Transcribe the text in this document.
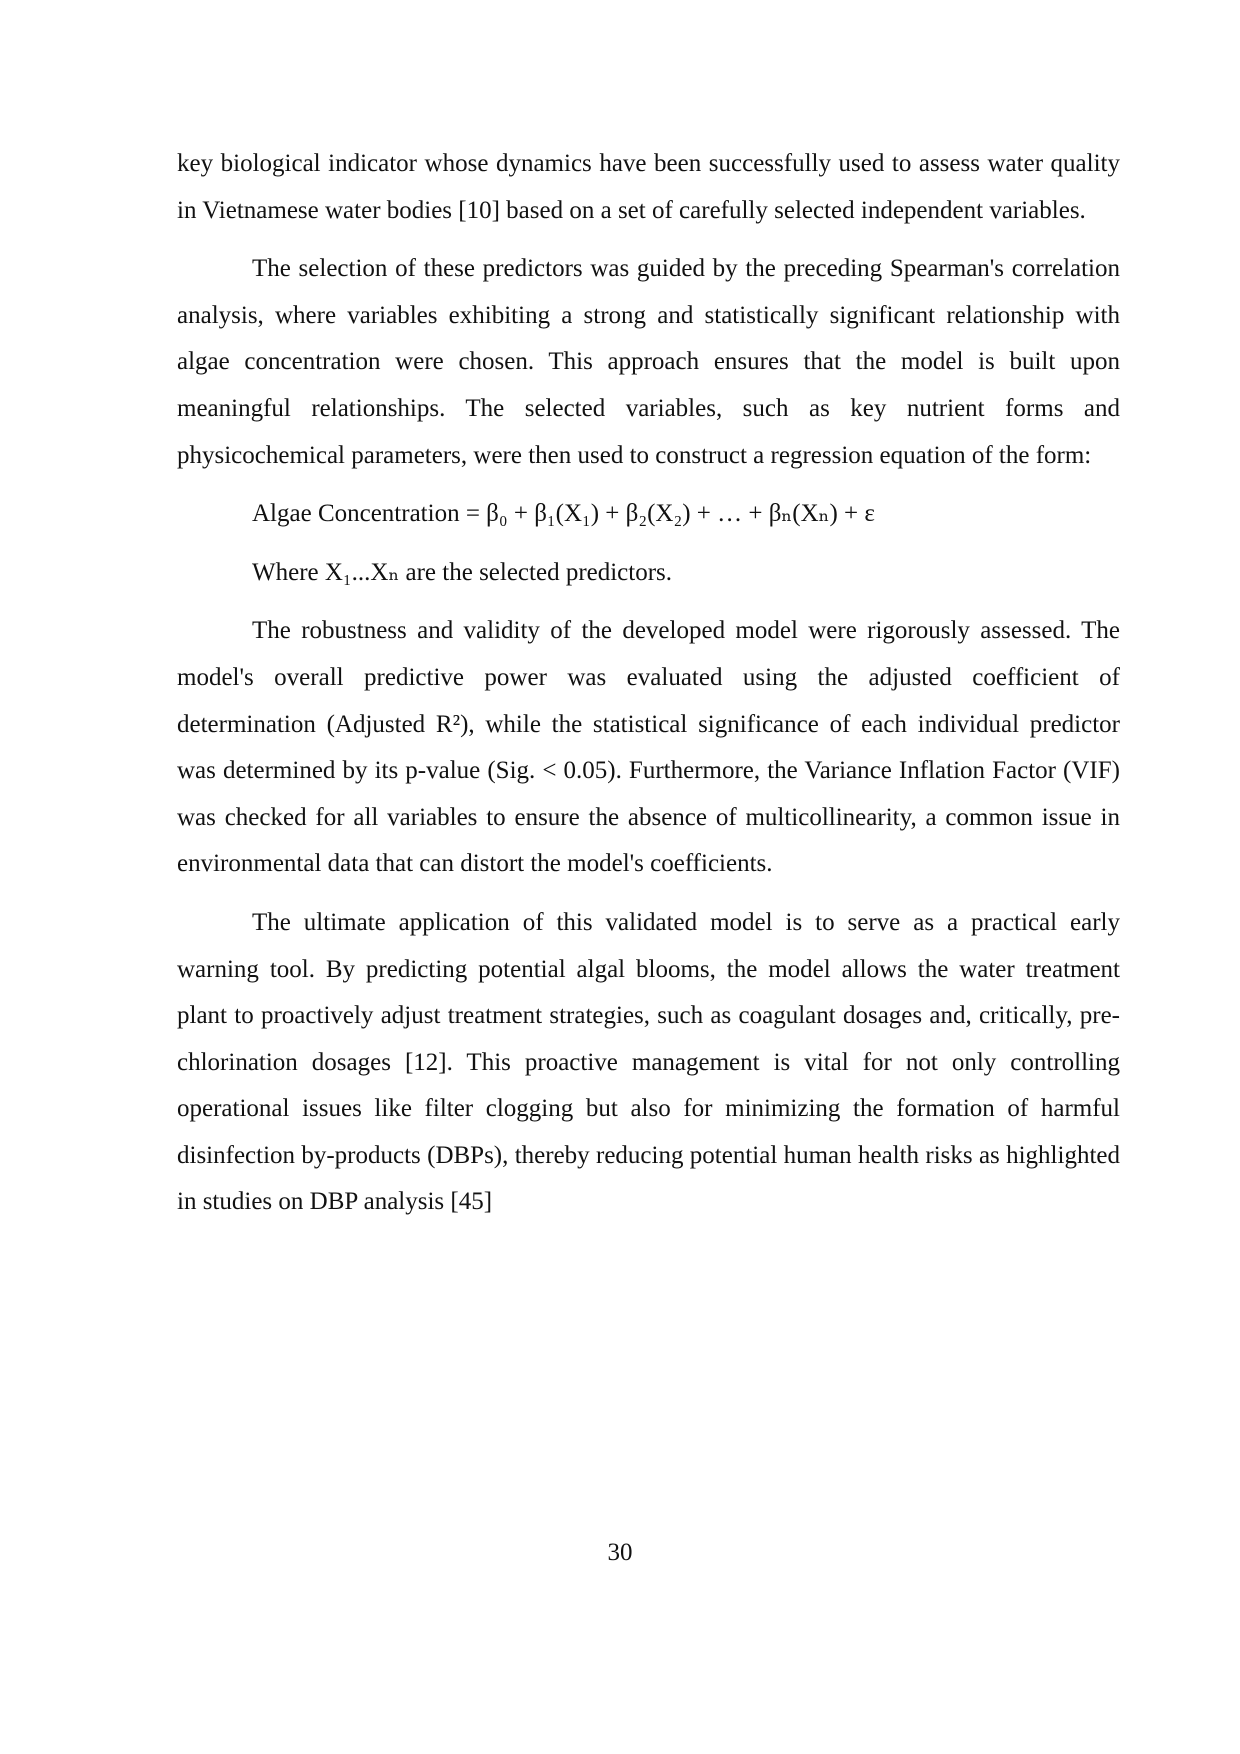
key biological indicator whose dynamics have been successfully used to assess water quality in Vietnamese water bodies [10] based on a set of carefully selected independent variables.

The selection of these predictors was guided by the preceding Spearman's correlation analysis, where variables exhibiting a strong and statistically significant relationship with algae concentration were chosen. This approach ensures that the model is built upon meaningful relationships. The selected variables, such as key nutrient forms and physicochemical parameters, were then used to construct a regression equation of the form:

Algae Concentration = β₀ + β₁(X₁) + β₂(X₂) + … + βₙ(Xₙ) + ε

Where X₁...Xₙ are the selected predictors.

The robustness and validity of the developed model were rigorously assessed. The model's overall predictive power was evaluated using the adjusted coefficient of determination (Adjusted R²), while the statistical significance of each individual predictor was determined by its p-value (Sig. < 0.05). Furthermore, the Variance Inflation Factor (VIF) was checked for all variables to ensure the absence of multicollinearity, a common issue in environmental data that can distort the model's coefficients.

The ultimate application of this validated model is to serve as a practical early warning tool. By predicting potential algal blooms, the model allows the water treatment plant to proactively adjust treatment strategies, such as coagulant dosages and, critically, pre-chlorination dosages [12]. This proactive management is vital for not only controlling operational issues like filter clogging but also for minimizing the formation of harmful disinfection by-products (DBPs), thereby reducing potential human health risks as highlighted in studies on DBP analysis [45]

30
